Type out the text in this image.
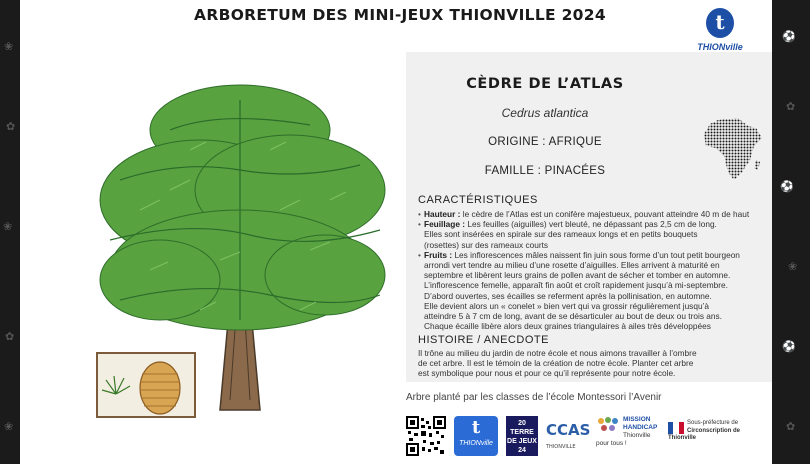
❀
✿
❀
✿
❀
⚽
✿
⚽
❀
⚽
✿
ARBORETUM DES MINI-JEUX THIONVILLE 2024	t
THIONville
CÈDRE DE L’ATLAS
Cedrus atlantica
ORIGINE : AFRIQUE
FAMILLE : PINACÉES
CARACTÉRISTIQUES

• Hauteur : le cèdre de l’Atlas est un conifère majestueux, pouvant atteindre 40 m de haut

• Feuillage : Les feuilles (aiguilles) vert bleuté, ne dépassant pas 2,5 cm de long.

Elles sont insérées en spirale sur des rameaux longs et en petits bouquets

(rosettes) sur des rameaux courts

• Fruits : Les inflorescences mâles naissent fin juin sous forme d’un tout petit bourgeon

arrondi vert tendre au milieu d’une rosette d’aiguilles. Elles arrivent à maturité en

septembre et libèrent leurs grains de pollen avant de sécher et tomber en automne.

L’inflorescence femelle, apparaît fin août et croît rapidement jusqu’à mi-septembre.

D’abord ouvertes, ses écailles se referment après la pollinisation, en automne.

Elle devient alors un « conelet » bien vert qui va grossir régulièrement jusqu’à

atteindre 5 à 7 cm de long, avant de se désarticuler au bout de deux ou trois ans.

Chaque écaille libère alors deux graines triangulaires à ailes très développées

HISTOIRE / ANECDOTE

Il trône au milieu du jardin de notre école et nous aimons travailler à l’ombre

de cet arbre. Il est le témoin de la création de notre école. Planter cet arbre

est symbolique pour nous et pour ce qu’il représente pour notre école.

Arbre planté par les classes de l’école Montessori l’Avenir
t
THIONville
20 TERRE DE JEUX 24
CCAS
THIONVILLE
MISSION
HANDICAP
Thionville
pour tous !
Sous-préfecture de
Circonscription de Thionville
